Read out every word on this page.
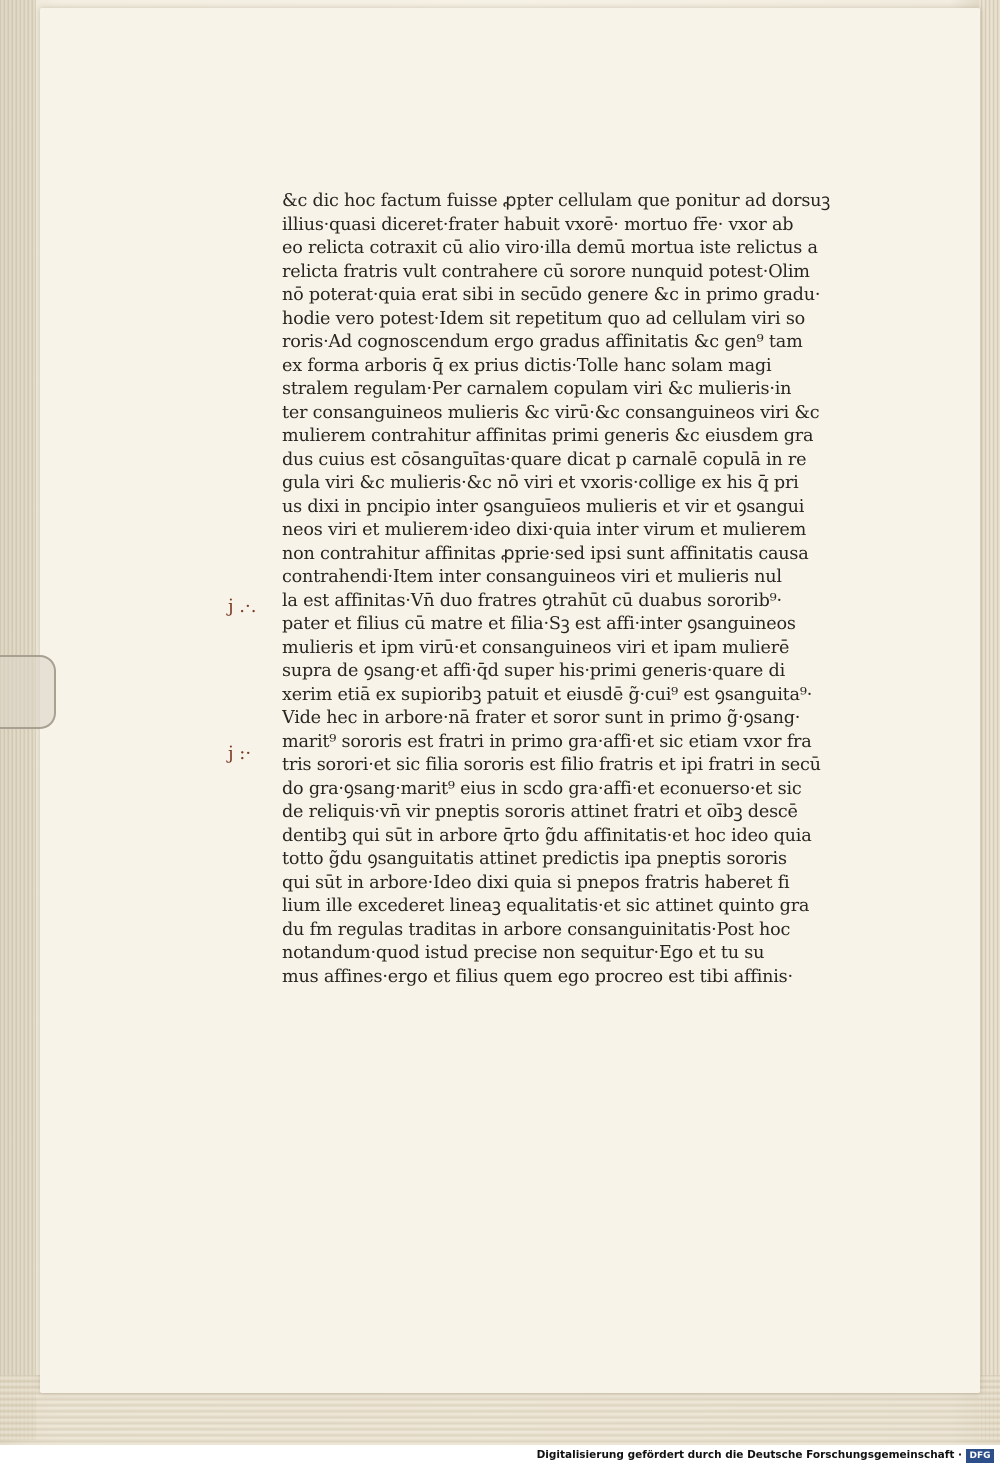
&c dic hoc factum fuisse ꝓpter cellulam que ponitur ad dorsuꝫ
illius·quasi diceret·frater habuit vxorē· mortuo fr̄e· vxor ab
eo relicta cotraxit cū alio viro·illa demū mortua iste relictus a
relicta fratris vult contrahere cū sorore nunquid potest·Olim
nō poterat·quia erat sibi in secūdo genere &c in primo gradu·
hodie vero potest·Idem sit repetitum quo ad cellulam viri so
roris·Ad cognoscendum ergo gradus affinitatis &c gen⁹ tam
ex forma arboris q̄ ex prius dictis·Tolle hanc solam magi
stralem regulam·Per carnalem copulam viri &c mulieris·in
ter consanguineos mulieris &c virū·&c consanguineos viri &c
mulierem contrahitur affinitas primi generis &c eiusdem gra
dus cuius est cōsanguītas·quare dicat̄ p carnalē copulā in re
gula viri &c mulieris·&c nō viri et vxoris·collige ex his q̄ pri
us dixi in pncipio inter ꝯsanguīeos mulieris et vir et ꝯsangui
neos viri et mulierem·ideo dixi·quia inter virum et mulierem
non contrahitur affinitas ꝓprie·sed ipsi sunt affinitatis causa
contrahendi·Item inter consanguineos viri et mulieris nul
la est affinitas·Vn̄ duo fratres ꝯtrahūt cū duabus sororib⁹·
pater et filius cū matre et filia·Sꝫ est affi·inter ꝯsanguineos
mulieris et ipm virū·et consanguineos viri et ipam mulierē
supra de ꝯsang·et affi·q̄d super his·primi generis·quare di
xerim etiā ex supioribꝫ patuit et eiusdē g̃·cui⁹ est ꝯsanguita⁹·
Vide hec in arbore·nā frater et soror sunt in primo g̃·ꝯsang·
marit⁹ sororis est fratri in primo gra·affi·et sic etiam vxor fra
tris sorori·et sic filia sororis est filio fratris et ipi fratri in secū
do gra·ꝯsang·marit⁹ eius in scd̄o gra·affi·et econuerso·et sic
de reliquis·vn̄ vir pneptis sororis attinet fratri et oībꝫ descē
dentibꝫ qui sūt in arbore q̄rto g̃du affinitatis·et hoc ideo quia
totto g̃du ꝯsanguitatis attinet predictis ipa pneptis sororis
qui sūt in arbore·Ideo dixi quia si pnepos fratris haberet fi
lium ille excederet lineaꝫ equalitatis·et sic attinet quinto gra
du fm regulas traditas in arbore consanguinitatis·Post hoc
notandum·quod istud precise non sequitur·Ego et tu su
mus affines·ergo et filius quem ego procreo est tibi affinis·
ȷ̇ .·.
ȷ̇ :·
Digitalisierung gefördert durch die Deutsche Forschungsgemeinschaft · DFG
